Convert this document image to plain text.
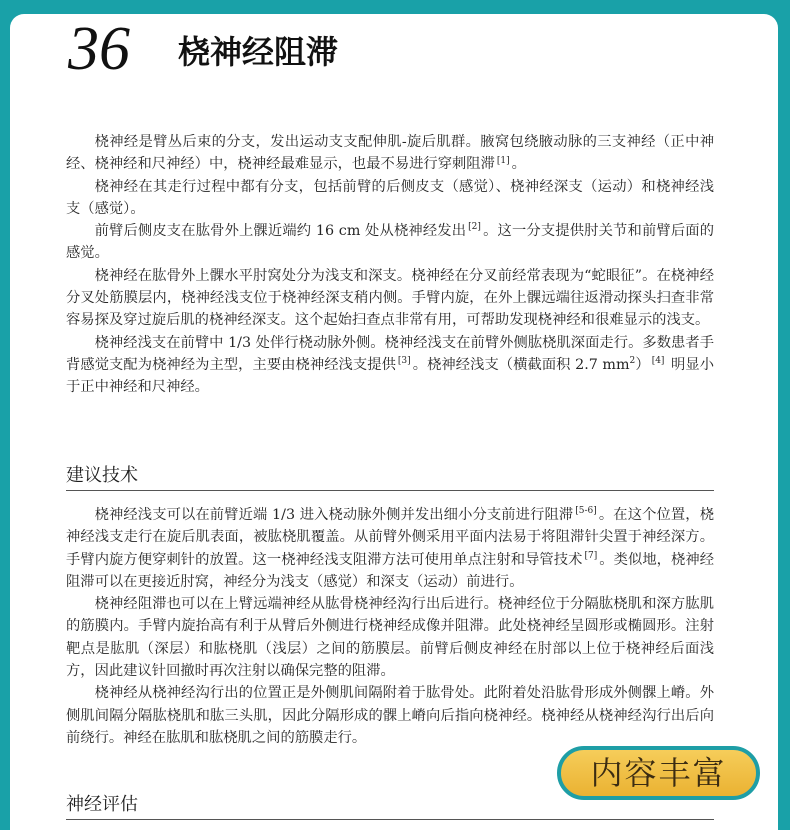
36 桡神经阻滞

桡神经是臂丛后束的分支，发出运动支支配伸肌-旋后肌群。腋窝包绕腋动脉的三支神经（正中神经、桡神经和尺神经）中，桡神经最难显示，也最不易进行穿刺阻滞 [1] 。

桡神经在其走行过程中都有分支，包括前臂的后侧皮支（感觉）、桡神经深支（运动）和桡神经浅支（感觉）。

前臂后侧皮支在肱骨外上髁近端约 16 cm 处从桡神经发出 [2] 。这一分支提供肘关节和前臂后面的感觉。

桡神经在肱骨外上髁水平肘窝处分为浅支和深支。桡神经在分叉前经常表现为“蛇眼征”。在桡神经分叉处筋膜层内，桡神经浅支位于桡神经深支稍内侧。手臂内旋，在外上髁远端往返滑动探头扫查非常容易探及穿过旋后肌的桡神经深支。这个起始扫查点非常有用，可帮助发现桡神经和很难显示的浅支。

桡神经浅支在前臂中 1/3 处伴行桡动脉外侧。桡神经浅支在前臂外侧肱桡肌深面走行。多数患者手背感觉支配为桡神经为主型，主要由桡神经浅支提供 [3] 。桡神经浅支（横截面积 2.7 $mm^2$） [4] 明显小于正中神经和尺神经。

建议技术

桡神经浅支可以在前臂近端 1/3 进入桡动脉外侧并发出细小分支前进行阻滞 [5-6] 。在这个位置，桡神经浅支走行在旋后肌表面，被肱桡肌覆盖。从前臂外侧采用平面内法易于将阻滞针尖置于神经深方。手臂内旋方便穿刺针的放置。这一桡神经浅支阻滞方法可使用单点注射和导管技术 [7] 。类似地，桡神经阻滞可以在更接近肘窝，神经分为浅支（感觉）和深支（运动）前进行。

桡神经阻滞也可以在上臂远端神经从肱骨桡神经沟行出后进行。桡神经位于分隔肱桡肌和深方肱肌的筋膜内。手臂内旋抬高有利于从臂后外侧进行桡神经成像并阻滞。此处桡神经呈圆形或椭圆形。注射靶点是肱肌（深层）和肱桡肌（浅层）之间的筋膜层。前臂后侧皮神经在肘部以上位于桡神经后面浅方，因此建议针回撤时再次注射以确保完整的阻滞。

桡神经从桡神经沟行出的位置正是外侧肌间隔附着于肱骨处。此附着处沿肱骨形成外侧髁上嵴。外侧肌间隔分隔肱桡肌和肱三头肌，因此分隔形成的髁上嵴向后指向桡神经。桡神经从桡神经沟行出后向前绕行。神经在肱肌和肱桡肌之间的筋膜走行。

神经评估
内容丰富
